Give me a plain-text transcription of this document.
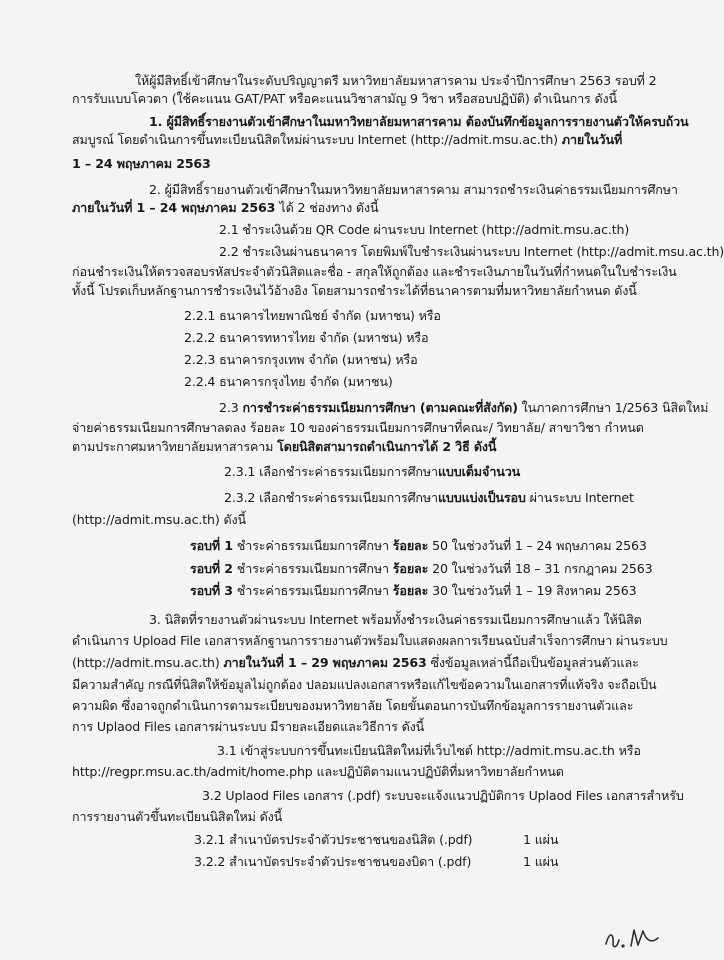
ให้ผู้มีสิทธิ์เข้าศึกษาในระดับปริญญาตรี มหาวิทยาลัยมหาสารคาม ประจำปีการศึกษา 2563 รอบที่ 2
การรับแบบโควตา (ใช้คะแนน GAT/PAT หรือคะแนนวิชาสามัญ 9 วิชา หรือสอบปฏิบัติ) ดำเนินการ ดังนี้
1. ผู้มีสิทธิ์รายงานตัวเข้าศึกษาในมหาวิทยาลัยมหาสารคาม ต้องบันทึกข้อมูลการรายงานตัวให้ครบถ้วน
สมบูรณ์ โดยดำเนินการขึ้นทะเบียนนิสิตใหม่ผ่านระบบ Internet (http://admit.msu.ac.th) ภายในวันที่
1 – 24 พฤษภาคม 2563
2. ผู้มีสิทธิ์รายงานตัวเข้าศึกษาในมหาวิทยาลัยมหาสารคาม สามารถชำระเงินค่าธรรมเนียมการศึกษา
ภายในวันที่ 1 – 24 พฤษภาคม 2563 ได้ 2 ช่องทาง ดังนี้
2.1 ชำระเงินด้วย QR Code ผ่านระบบ Internet (http://admit.msu.ac.th)
2.2 ชำระเงินผ่านธนาคาร โดยพิมพ์ใบชำระเงินผ่านระบบ Internet (http://admit.msu.ac.th)
ก่อนชำระเงินให้ตรวจสอบรหัสประจำตัวนิสิตและชื่อ - สกุลให้ถูกต้อง และชำระเงินภายในวันที่กำหนดในใบชำระเงิน
ทั้งนี้ โปรดเก็บหลักฐานการชำระเงินไว้อ้างอิง โดยสามารถชำระได้ที่ธนาคารตามที่มหาวิทยาลัยกำหนด ดังนี้
2.2.1 ธนาคารไทยพาณิชย์ จำกัด (มหาชน) หรือ
2.2.2 ธนาคารทหารไทย จำกัด (มหาชน) หรือ
2.2.3 ธนาคารกรุงเทพ จำกัด (มหาชน) หรือ
2.2.4 ธนาคารกรุงไทย จำกัด (มหาชน)
2.3 การชำระค่าธรรมเนียมการศึกษา (ตามคณะที่สังกัด) ในภาคการศึกษา 1/2563 นิสิตใหม่
จ่ายค่าธรรมเนียมการศึกษาลดลง ร้อยละ 10 ของค่าธรรมเนียมการศึกษาที่คณะ/ วิทยาลัย/ สาขาวิชา กำหนด
ตามประกาศมหาวิทยาลัยมหาสารคาม โดยนิสิตสามารถดำเนินการได้ 2 วิธี ดังนี้
2.3.1 เลือกชำระค่าธรรมเนียมการศึกษาแบบเต็มจำนวน
2.3.2 เลือกชำระค่าธรรมเนียมการศึกษาแบบแบ่งเป็นรอบ ผ่านระบบ Internet
(http://admit.msu.ac.th) ดังนี้
รอบที่ 1 ชำระค่าธรรมเนียมการศึกษา ร้อยละ 50 ในช่วงวันที่ 1 – 24 พฤษภาคม 2563
รอบที่ 2 ชำระค่าธรรมเนียมการศึกษา ร้อยละ 20 ในช่วงวันที่ 18 – 31 กรกฎาคม 2563
รอบที่ 3 ชำระค่าธรรมเนียมการศึกษา ร้อยละ 30 ในช่วงวันที่ 1 – 19 สิงหาคม 2563
3. นิสิตที่รายงานตัวผ่านระบบ Internet พร้อมทั้งชำระเงินค่าธรรมเนียมการศึกษาแล้ว ให้นิสิต
ดำเนินการ Upload File เอกสารหลักฐานการรายงานตัวพร้อมใบแสดงผลการเรียนฉบับสำเร็จการศึกษา ผ่านระบบ
(http://admit.msu.ac.th) ภายในวันที่ 1 – 29 พฤษภาคม 2563 ซึ่งข้อมูลเหล่านี้ถือเป็นข้อมูลส่วนตัวและ
มีความสำคัญ กรณีที่นิสิตให้ข้อมูลไม่ถูกต้อง ปลอมแปลงเอกสารหรือแก้ไขข้อความในเอกสารที่แท้จริง จะถือเป็น
ความผิด ซึ่งอาจถูกดำเนินการตามระเบียบของมหาวิทยาลัย โดยขั้นตอนการบันทึกข้อมูลการรายงานตัวและ
การ Uplaod Files เอกสารผ่านระบบ มีรายละเอียดและวิธีการ ดังนี้
3.1 เข้าสู่ระบบการขึ้นทะเบียนนิสิตใหม่ที่เว็บไซต์ http://admit.msu.ac.th หรือ
http://regpr.msu.ac.th/admit/home.php และปฏิบัติตามแนวปฏิบัติที่มหาวิทยาลัยกำหนด
3.2 Uplaod Files เอกสาร (.pdf) ระบบจะแจ้งแนวปฏิบัติการ Uplaod Files เอกสารสำหรับ
การรายงานตัวขึ้นทะเบียนนิสิตใหม่ ดังนี้
3.2.1 สำเนาบัตรประจำตัวประชาชนของนิสิต (.pdf)
3.2.2 สำเนาบัตรประจำตัวประชาชนของบิดา (.pdf)
1 แผ่น
1 แผ่น
